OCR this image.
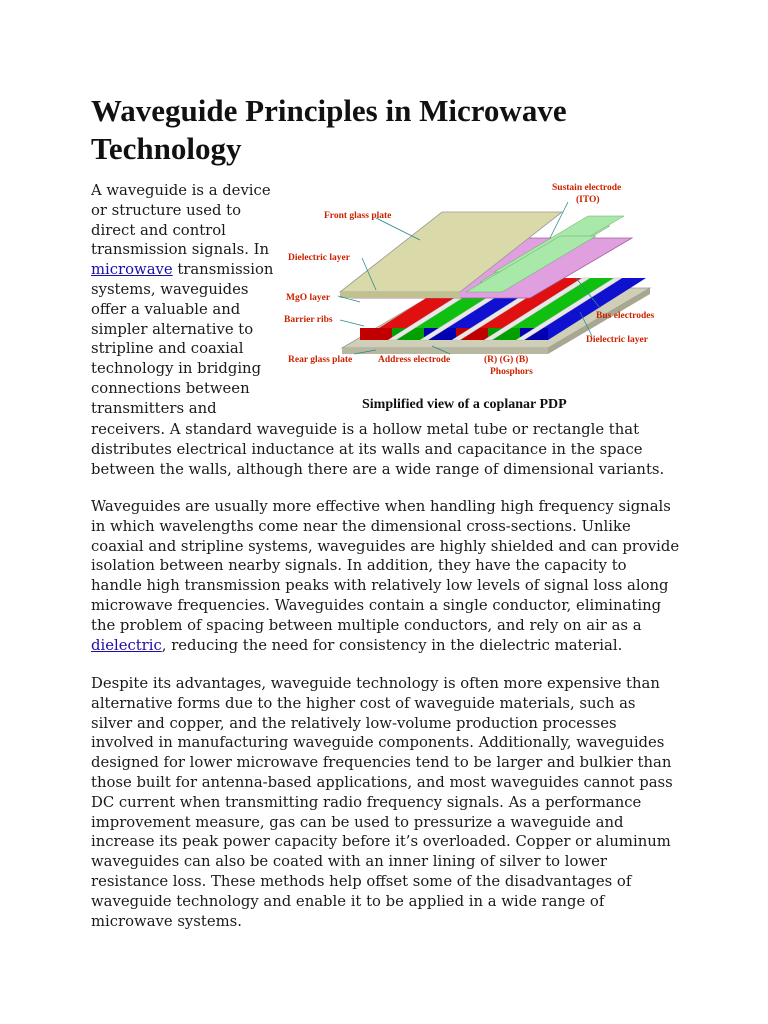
Waveguide Principles in Microwave Technology
Sustain electrode
(ITO)
Front glass plate
Dielectric layer
MgO layer
Barrier ribs
Rear glass plate	Address electrode	(R) (G) (B)
Phosphors
Bus electrodes
Dielectric layer
Simplified view of a coplanar PDP

A waveguide is a device
or structure used to
direct and control
transmission signals. In
microwave transmission
systems, waveguides
offer a valuable and
simpler alternative to
stripline and coaxial
technology in bridging
connections between
transmitters and

receivers. A standard waveguide is a hollow metal tube or rectangle that distributes electrical inductance at its walls and capacitance in the space between the walls, although there are a wide range of dimensional variants.

Waveguides are usually more effective when handling high frequency signals in which wavelengths come near the dimensional cross-sections. Unlike coaxial and stripline systems, waveguides are highly shielded and can provide isolation between nearby signals. In addition, they have the capacity to handle high transmission peaks with relatively low levels of signal loss along microwave frequencies. Waveguides contain a single conductor, eliminating the problem of spacing between multiple conductors, and rely on air as a dielectric, reducing the need for consistency in the dielectric material.

Despite its advantages, waveguide technology is often more expensive than alternative forms due to the higher cost of waveguide materials, such as silver and copper, and the relatively low-volume production processes involved in manufacturing waveguide components. Additionally, waveguides designed for lower microwave frequencies tend to be larger and bulkier than those built for antenna-based applications, and most waveguides cannot pass DC current when transmitting radio frequency signals. As a performance improvement measure, gas can be used to pressurize a waveguide and increase its peak power capacity before it’s overloaded. Copper or aluminum waveguides can also be coated with an inner lining of silver to lower resistance loss. These methods help offset some of the disadvantages of waveguide technology and enable it to be applied in a wide range of microwave systems.
